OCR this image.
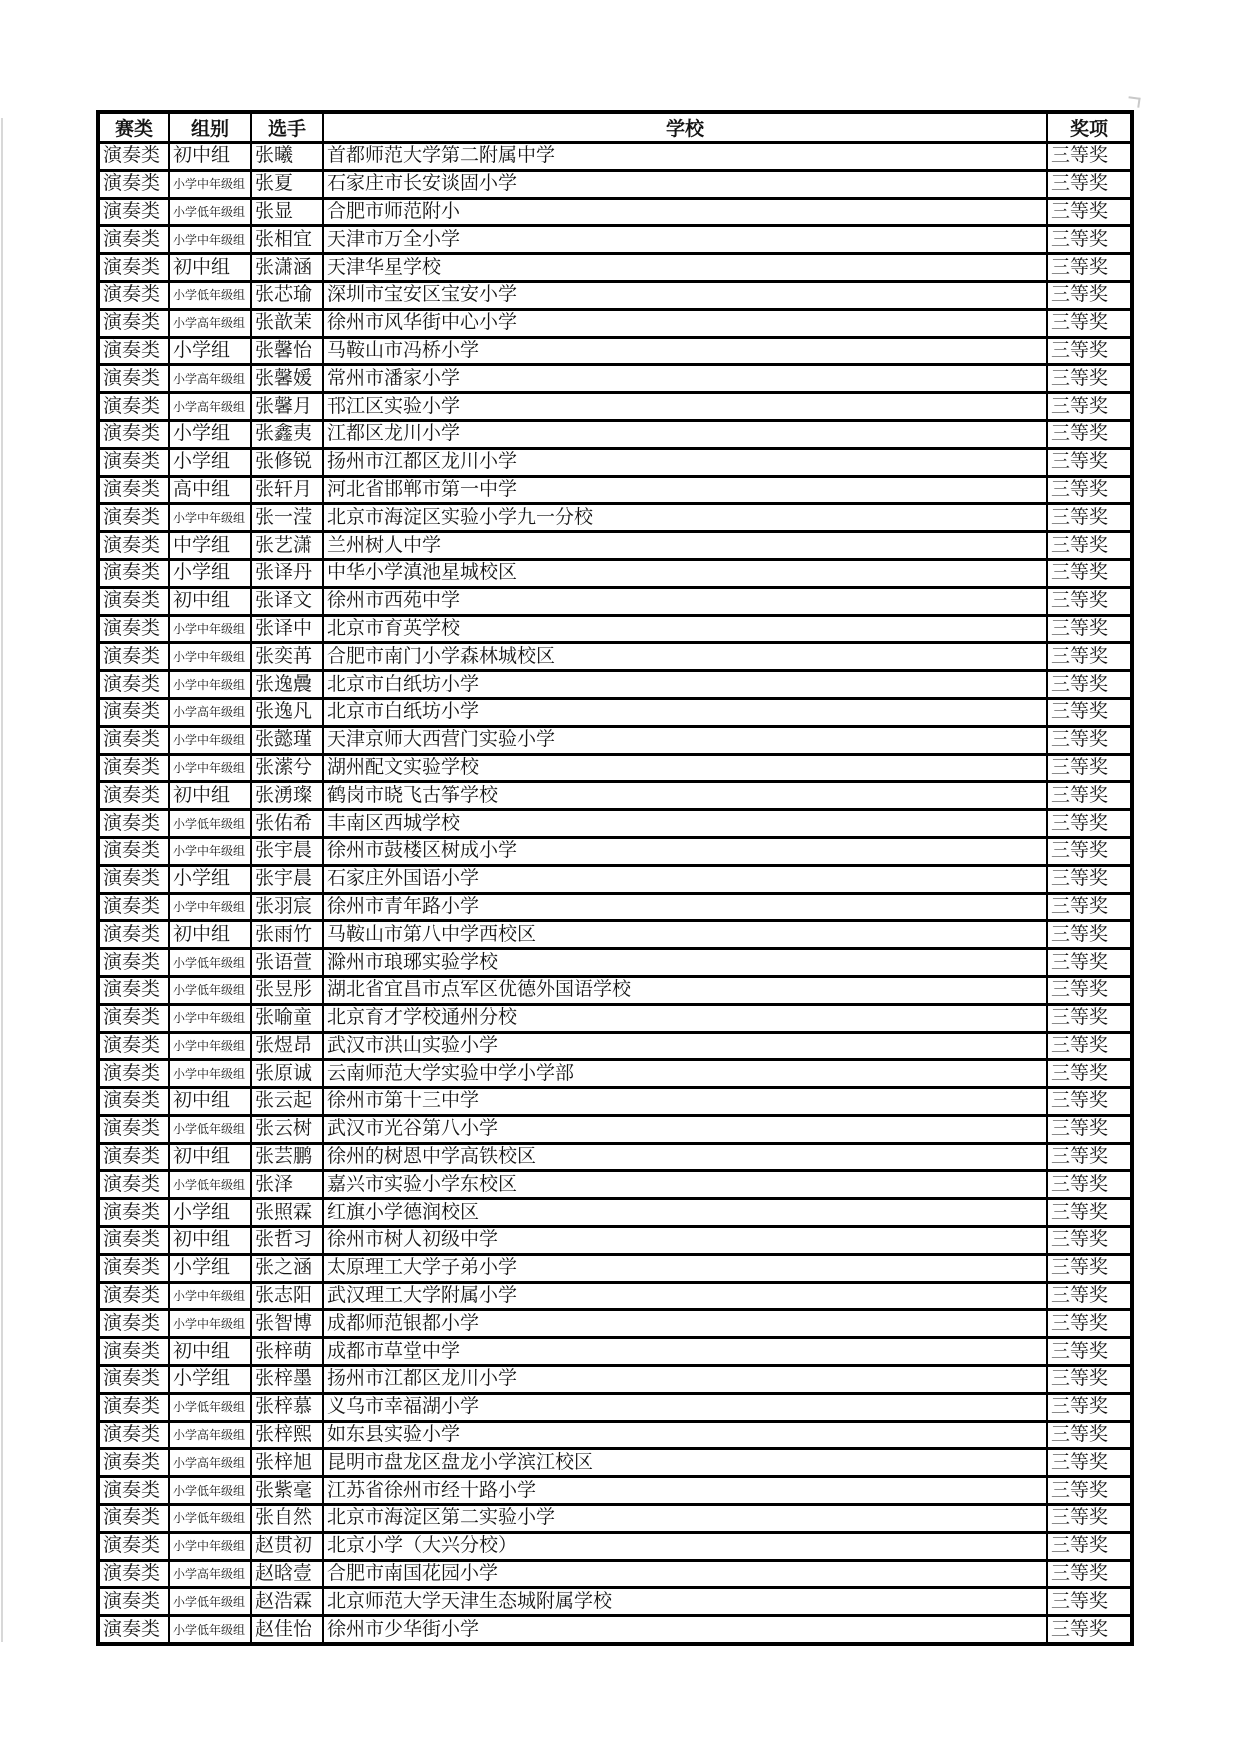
赛类	组别	选手	学校	奖项
演奏类	初中组	张曦	首都师范大学第二附属中学	三等奖
演奏类	小学中年级组	张夏	石家庄市长安谈固小学	三等奖
演奏类	小学低年级组	张显	合肥市师范附小	三等奖
演奏类	小学中年级组	张相宜	天津市万全小学	三等奖
演奏类	初中组	张潇涵	天津华星学校	三等奖
演奏类	小学低年级组	张芯瑜	深圳市宝安区宝安小学	三等奖
演奏类	小学高年级组	张歆茉	徐州市风华街中心小学	三等奖
演奏类	小学组	张馨怡	马鞍山市冯桥小学	三等奖
演奏类	小学高年级组	张馨媛	常州市潘家小学	三等奖
演奏类	小学高年级组	张馨月	邗江区实验小学	三等奖
演奏类	小学组	张鑫夷	江都区龙川小学	三等奖
演奏类	小学组	张修锐	扬州市江都区龙川小学	三等奖
演奏类	高中组	张轩月	河北省邯郸市第一中学	三等奖
演奏类	小学中年级组	张一滢	北京市海淀区实验小学九一分校	三等奖
演奏类	中学组	张艺潇	兰州树人中学	三等奖
演奏类	小学组	张译丹	中华小学滇池星城校区	三等奖
演奏类	初中组	张译文	徐州市西苑中学	三等奖
演奏类	小学中年级组	张译中	北京市育英学校	三等奖
演奏类	小学中年级组	张奕苒	合肥市南门小学森林城校区	三等奖
演奏类	小学中年级组	张逸曟	北京市白纸坊小学	三等奖
演奏类	小学高年级组	张逸凡	北京市白纸坊小学	三等奖
演奏类	小学中年级组	张懿瑾	天津京师大西营门实验小学	三等奖
演奏类	小学中年级组	张潆兮	湖州配文实验学校	三等奖
演奏类	初中组	张湧璨	鹤岗市晓飞古筝学校	三等奖
演奏类	小学低年级组	张佑希	丰南区西城学校	三等奖
演奏类	小学中年级组	张宇晨	徐州市鼓楼区树成小学	三等奖
演奏类	小学组	张宇晨	石家庄外国语小学	三等奖
演奏类	小学中年级组	张羽宸	徐州市青年路小学	三等奖
演奏类	初中组	张雨竹	马鞍山市第八中学西校区	三等奖
演奏类	小学低年级组	张语萱	滁州市琅琊实验学校	三等奖
演奏类	小学低年级组	张昱彤	湖北省宜昌市点军区优德外国语学校	三等奖
演奏类	小学中年级组	张喻童	北京育才学校通州分校	三等奖
演奏类	小学中年级组	张煜昂	武汉市洪山实验小学	三等奖
演奏类	小学中年级组	张原诚	云南师范大学实验中学小学部	三等奖
演奏类	初中组	张云起	徐州市第十三中学	三等奖
演奏类	小学低年级组	张云树	武汉市光谷第八小学	三等奖
演奏类	初中组	张芸鹏	徐州的树恩中学高铁校区	三等奖
演奏类	小学低年级组	张泽	嘉兴市实验小学东校区	三等奖
演奏类	小学组	张照霖	红旗小学德润校区	三等奖
演奏类	初中组	张哲习	徐州市树人初级中学	三等奖
演奏类	小学组	张之涵	太原理工大学子弟小学	三等奖
演奏类	小学中年级组	张志阳	武汉理工大学附属小学	三等奖
演奏类	小学中年级组	张智博	成都师范银都小学	三等奖
演奏类	初中组	张梓萌	成都市草堂中学	三等奖
演奏类	小学组	张梓墨	扬州市江都区龙川小学	三等奖
演奏类	小学低年级组	张梓慕	义乌市幸福湖小学	三等奖
演奏类	小学高年级组	张梓熙	如东县实验小学	三等奖
演奏类	小学高年级组	张梓旭	昆明市盘龙区盘龙小学滨江校区	三等奖
演奏类	小学低年级组	张紫毫	江苏省徐州市经十路小学	三等奖
演奏类	小学低年级组	张自然	北京市海淀区第二实验小学	三等奖
演奏类	小学中年级组	赵贯初	北京小学（大兴分校）	三等奖
演奏类	小学高年级组	赵晗壹	合肥市南国花园小学	三等奖
演奏类	小学低年级组	赵浩霖	北京师范大学天津生态城附属学校	三等奖
演奏类	小学低年级组	赵佳怡	徐州市少华街小学	三等奖
